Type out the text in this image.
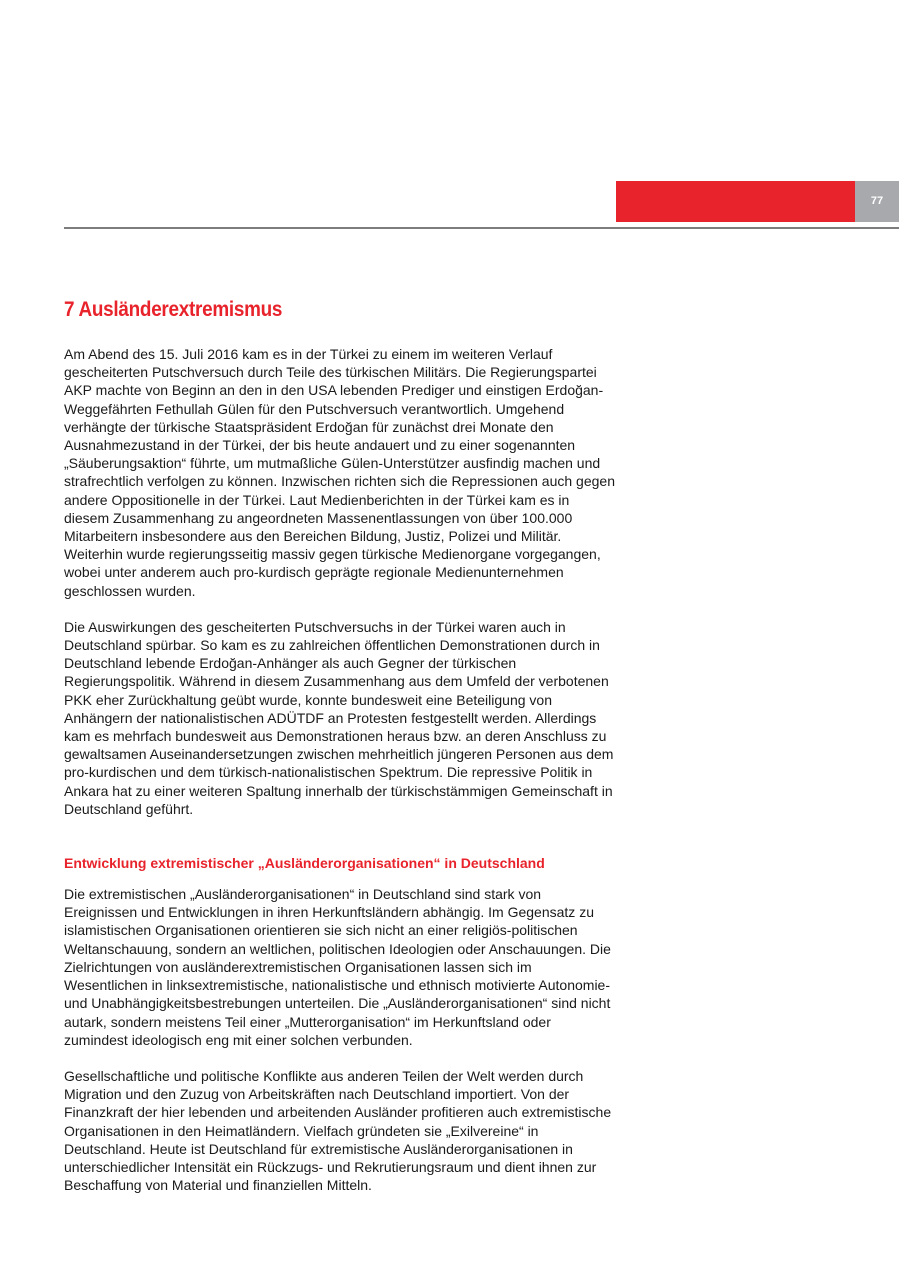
77
7 Ausländerextremismus

Am Abend des 15. Juli 2016 kam es in der Türkei zu einem im weiteren Verlauf gescheiterten Putschversuch durch Teile des türkischen Militärs. Die Regierungspartei AKP machte von Beginn an den in den USA lebenden Prediger und einstigen Erdoğan-Weggefährten Fethullah Gülen für den Putschversuch verantwortlich. Umgehend verhängte der türkische Staatspräsident Erdoğan für zunächst drei Monate den Ausnahmezustand in der Türkei, der bis heute andauert und zu einer sogenannten „Säuberungsaktion“ führte, um mutmaßliche Gülen-Unterstützer ausfindig machen und strafrechtlich verfolgen zu können. Inzwischen richten sich die Repressionen auch gegen andere Oppositionelle in der Türkei. Laut Medienberichten in der Türkei kam es in diesem Zusammenhang zu angeordneten Massenentlassungen von über 100.000 Mitarbeitern insbesondere aus den Bereichen Bildung, Justiz, Polizei und Militär. Weiterhin wurde regierungsseitig massiv gegen türkische Medienorgane vorgegangen, wobei unter anderem auch pro-kurdisch geprägte regionale Medienunternehmen geschlossen wurden.

Die Auswirkungen des gescheiterten Putschversuchs in der Türkei waren auch in Deutschland spürbar. So kam es zu zahlreichen öffentlichen Demonstrationen durch in Deutschland lebende Erdoğan-Anhänger als auch Gegner der türkischen Regierungspolitik. Während in diesem Zusammenhang aus dem Umfeld der verbotenen PKK eher Zurückhaltung geübt wurde, konnte bundesweit eine Beteiligung von Anhängern der nationalistischen ADÜTDF an Protesten festgestellt werden. Allerdings kam es mehrfach bundesweit aus Demonstrationen heraus bzw. an deren Anschluss zu gewaltsamen Auseinandersetzungen zwischen mehrheitlich jüngeren Personen aus dem pro-kurdischen und dem türkisch-nationalistischen Spektrum. Die repressive Politik in Ankara hat zu einer weiteren Spaltung innerhalb der türkischstämmigen Gemeinschaft in Deutschland geführt.

Entwicklung extremistischer „Ausländerorganisationen“ in Deutschland

Die extremistischen „Ausländerorganisationen“ in Deutschland sind stark von Ereignissen und Entwicklungen in ihren Herkunftsländern abhängig. Im Gegensatz zu islamistischen Organisationen orientieren sie sich nicht an einer religiös-politischen Weltanschauung, sondern an weltlichen, politischen Ideologien oder Anschauungen. Die Zielrichtungen von ausländerextremistischen Organisationen lassen sich im Wesentlichen in linksextremistische, nationalistische und ethnisch motivierte Autonomie- und Unabhängigkeitsbestrebungen unterteilen. Die „Ausländerorganisationen“ sind nicht autark, sondern meistens Teil einer „Mutterorganisation“ im Herkunftsland oder zumindest ideologisch eng mit einer solchen verbunden.

Gesellschaftliche und politische Konflikte aus anderen Teilen der Welt werden durch Migration und den Zuzug von Arbeitskräften nach Deutschland importiert. Von der Finanzkraft der hier lebenden und arbeitenden Ausländer profitieren auch extremistische Organisationen in den Heimatländern. Vielfach gründeten sie „Exilvereine“ in Deutschland. Heute ist Deutschland für extremistische Ausländerorganisationen in unterschiedlicher Intensität ein Rückzugs- und Rekrutierungsraum und dient ihnen zur Beschaffung von Material und finanziellen Mitteln.
